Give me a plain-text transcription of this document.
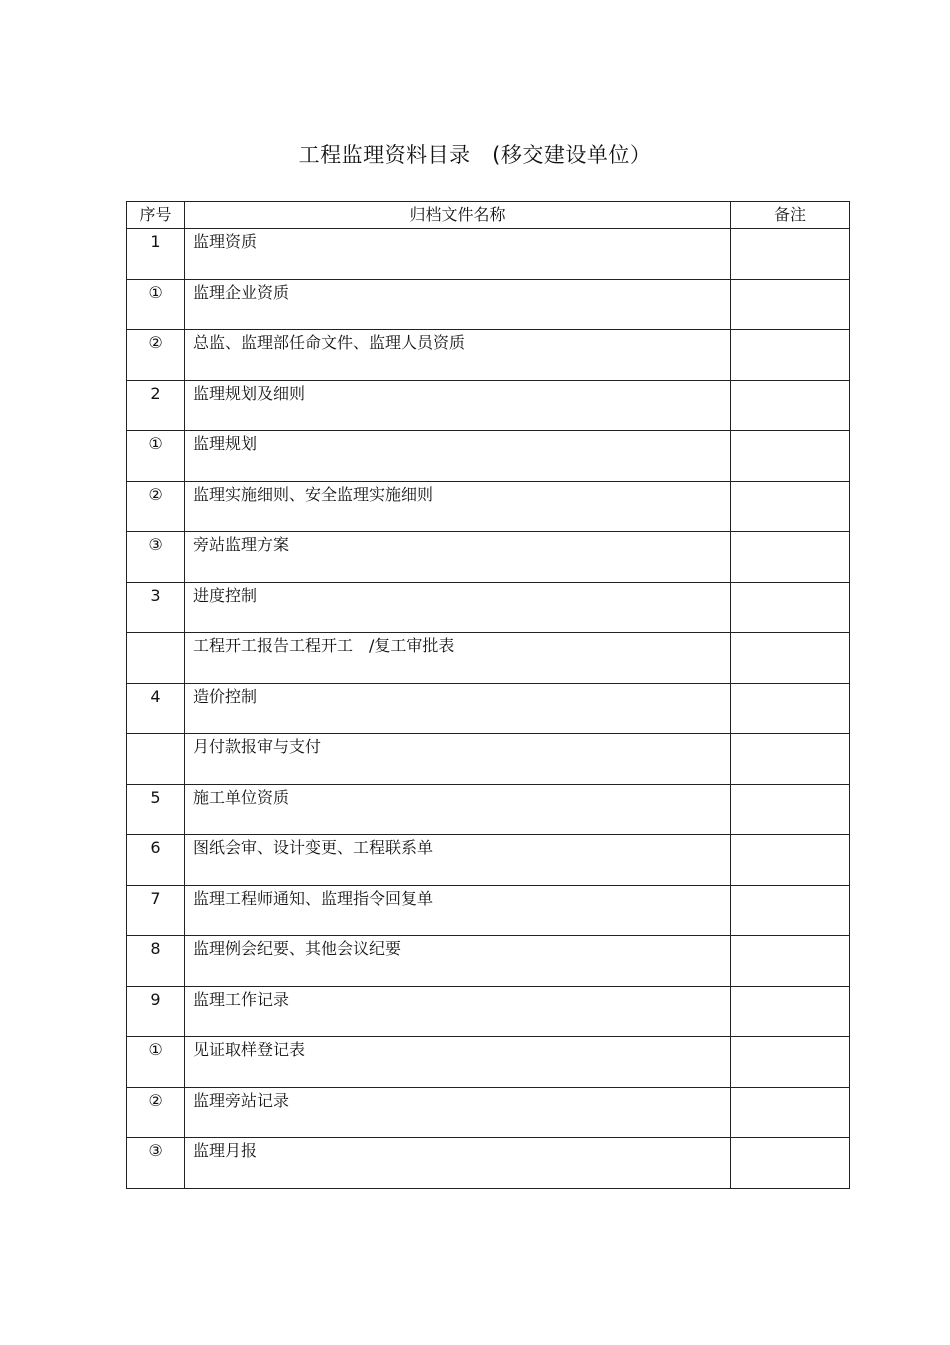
工程监理资料目录　(移交建设单位）
序号	归档文件名称	备注
1	监理资质	
①	监理企业资质	
②	总监、监理部任命文件、监理人员资质	
2	监理规划及细则	
①	监理规划	
②	监理实施细则、安全监理实施细则	
③	旁站监理方案	
3	进度控制	
	工程开工报告工程开工　/复工审批表	
4	造价控制	
	月付款报审与支付	
5	施工单位资质	
6	图纸会审、设计变更、工程联系单	
7	监理工程师通知、监理指令回复单	
8	监理例会纪要、其他会议纪要	
9	监理工作记录	
①	见证取样登记表	
②	监理旁站记录	
③	监理月报	
